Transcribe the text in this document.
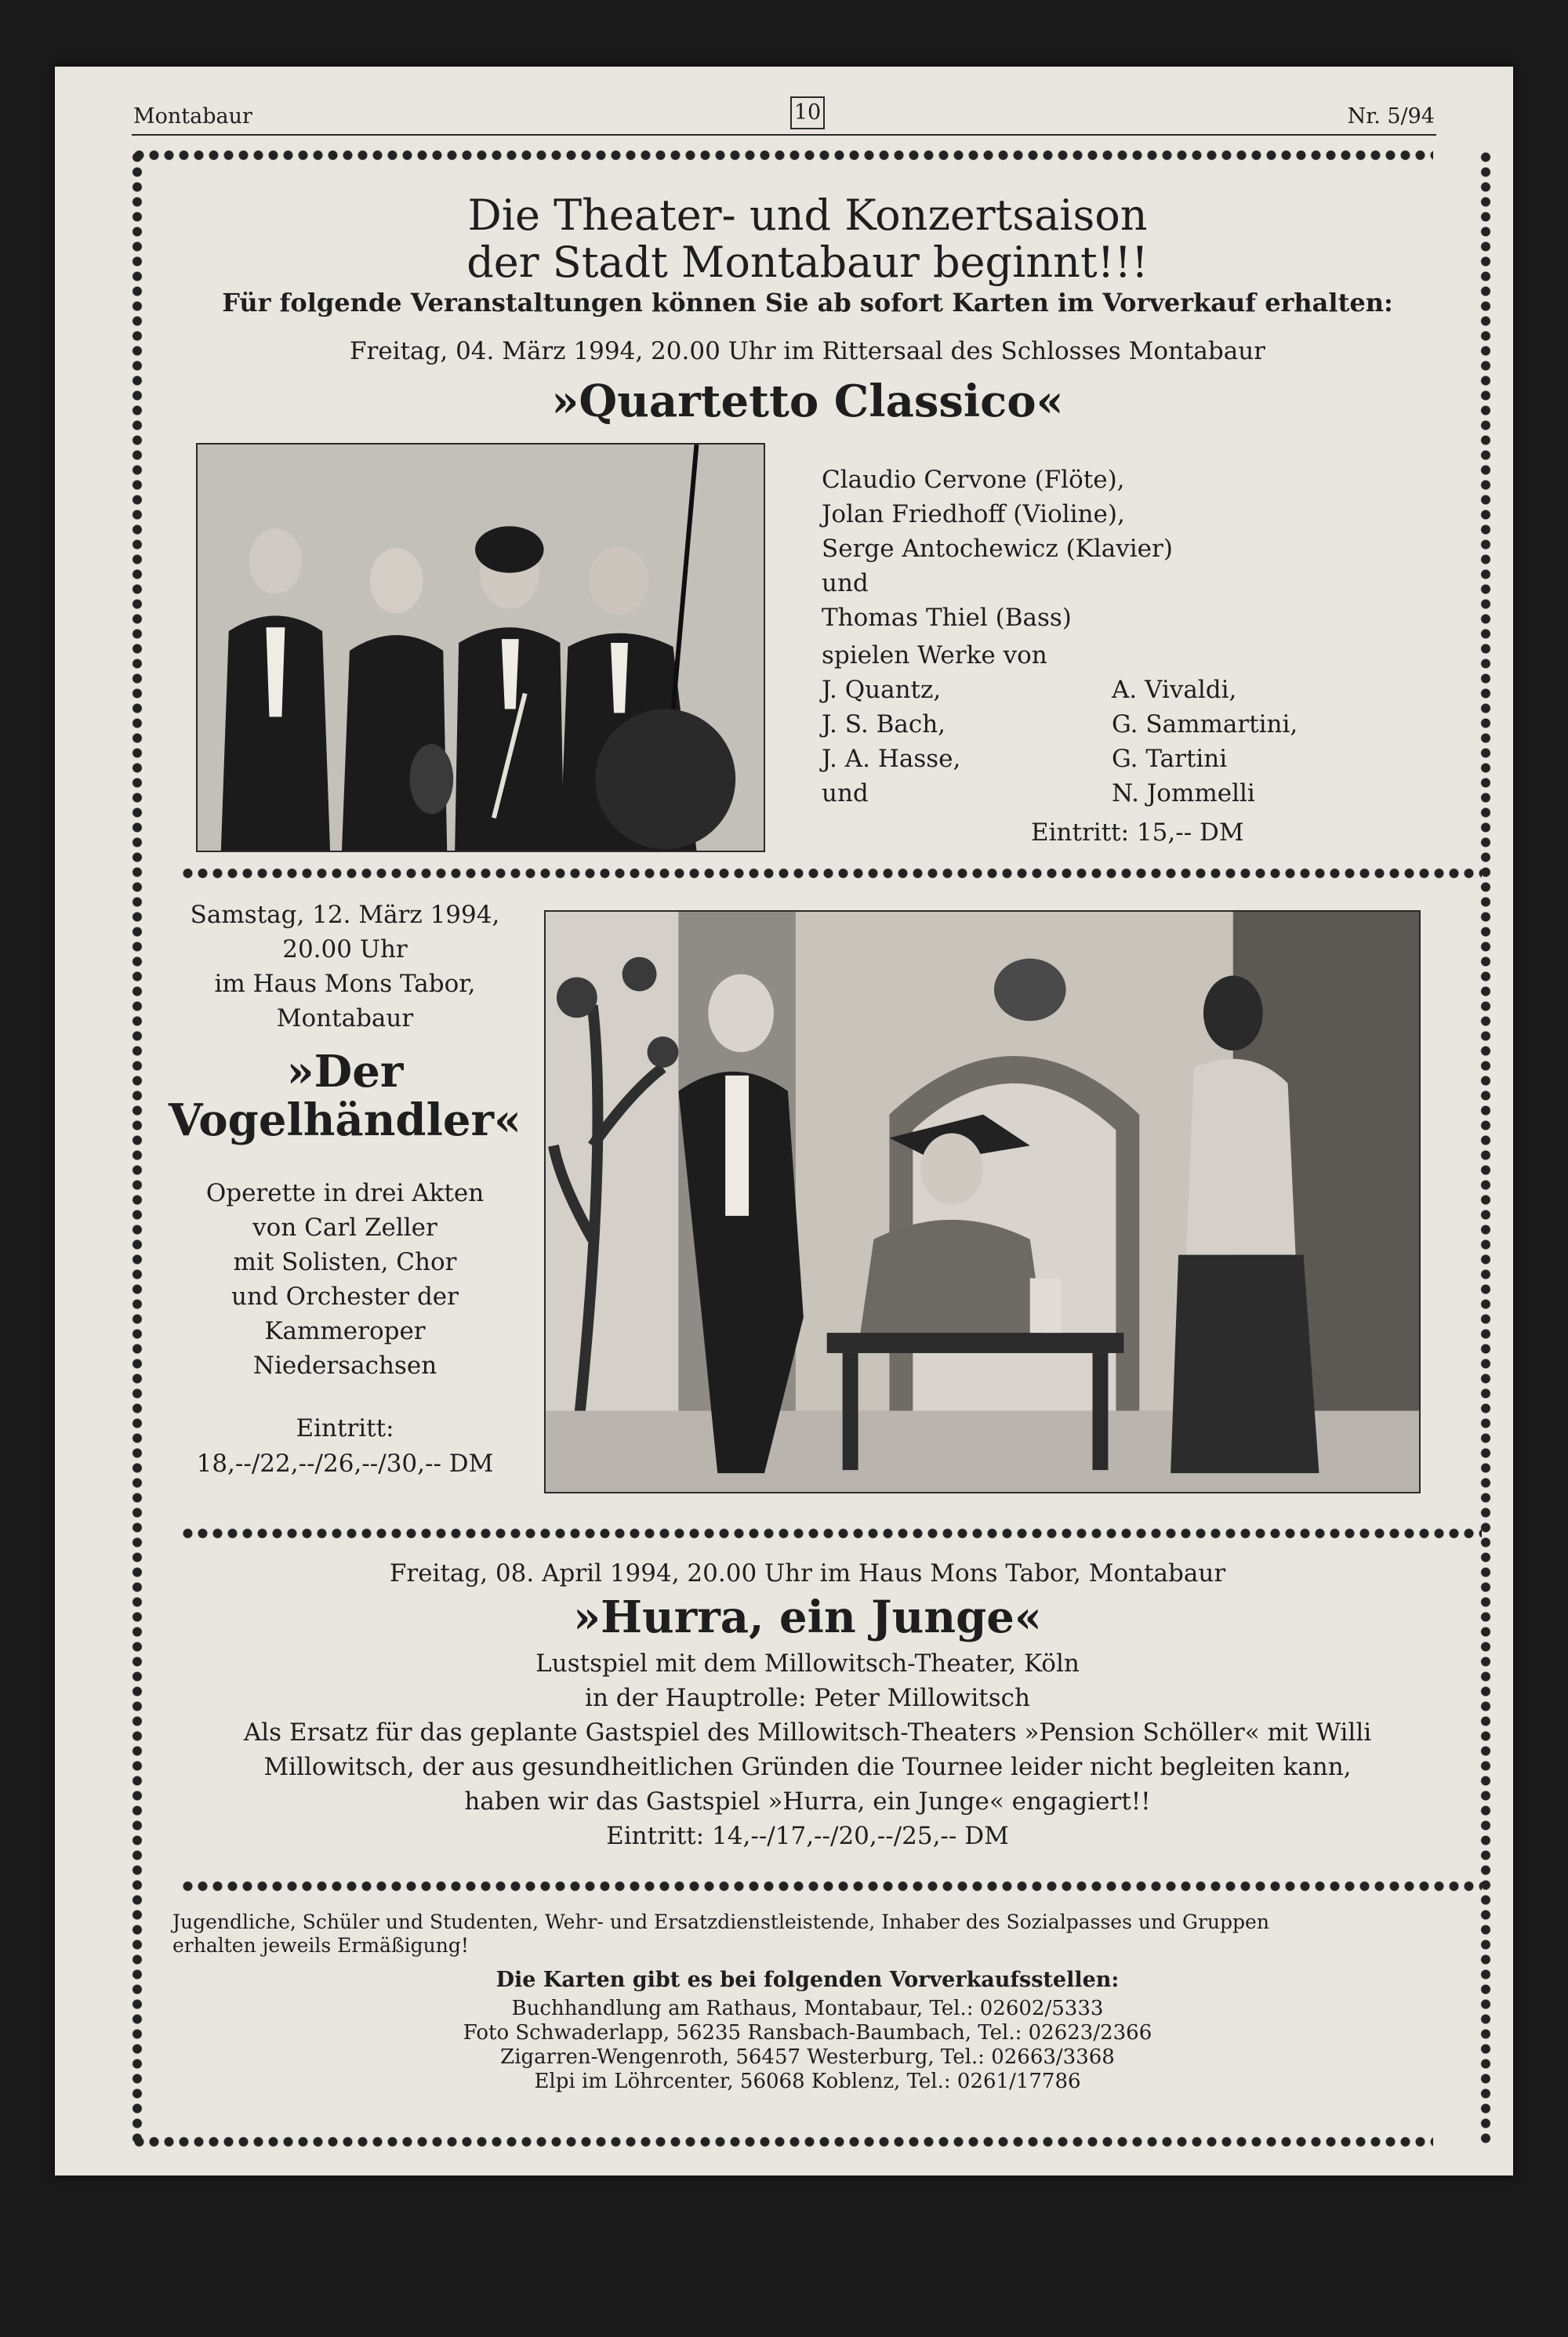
Montabaur	10	Nr. 5/94
Die Theater- und Konzertsaison
der Stadt Montabaur beginnt!!!
Für folgende Veranstaltungen können Sie ab sofort Karten im Vorverkauf erhalten:
Freitag, 04. März 1994, 20.00 Uhr im Rittersaal des Schlosses Montabaur
»Quartetto Classico«
Claudio Cervone (Flöte),
Jolan Friedhoff (Violine),
Serge Antochewicz (Klavier)
und
Thomas Thiel (Bass)
spielen Werke von
J. Quantz,
J. S. Bach,
J. A. Hasse,
und
A. Vivaldi,
G. Sammartini,
G. Tartini
N. Jommelli
Eintritt: 15,-- DM
Samstag, 12. März 1994,
20.00 Uhr
im Haus Mons Tabor,
Montabaur
»Der
Vogelhändler«
Operette in drei Akten
von Carl Zeller
mit Solisten, Chor
und Orchester der
Kammeroper
Niedersachsen
Eintritt:
18,--/22,--/26,--/30,-- DM
Freitag, 08. April 1994, 20.00 Uhr im Haus Mons Tabor, Montabaur
»Hurra, ein Junge«
Lustspiel mit dem Millowitsch-Theater, Köln
in der Hauptrolle: Peter Millowitsch
Als Ersatz für das geplante Gastspiel des Millowitsch-Theaters »Pension Schöller« mit Willi
Millowitsch, der aus gesundheitlichen Gründen die Tournee leider nicht begleiten kann,
haben wir das Gastspiel »Hurra, ein Junge« engagiert!!
Eintritt: 14,--/17,--/20,--/25,-- DM
Jugendliche, Schüler und Studenten, Wehr- und Ersatzdienstleistende, Inhaber des Sozialpasses und Gruppen
erhalten jeweils Ermäßigung!
Die Karten gibt es bei folgenden Vorverkaufsstellen:
Buchhandlung am Rathaus, Montabaur, Tel.: 02602/5333
Foto Schwaderlapp, 56235 Ransbach-Baumbach, Tel.: 02623/2366
Zigarren-Wengenroth, 56457 Westerburg, Tel.: 02663/3368
Elpi im Löhrcenter, 56068 Koblenz, Tel.: 0261/17786
